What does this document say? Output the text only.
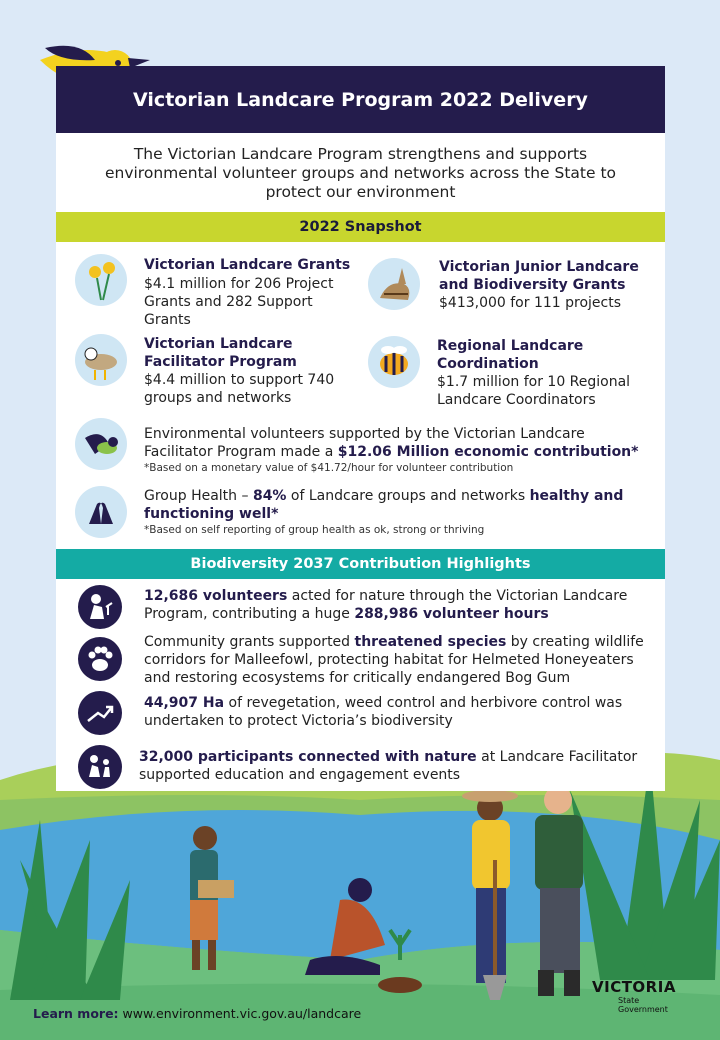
Victorian Landcare Program 2022 Delivery
The Victorian Landcare Program strengthens and supports environmental volunteer groups and networks across the State to protect our environment
2022 Snapshot
Victorian Landcare Grants
$4.1 million for 206 Project Grants and 282 Support Grants
Victorian Junior Landcare and Biodiversity Grants
$413,000 for 111 projects
Victorian Landcare Facilitator Program
$4.4 million to support 740 groups and networks
Regional Landcare Coordination
$1.7 million for 10 Regional Landcare Coordinators
Environmental volunteers supported by the Victorian Landcare Facilitator Program made a $12.06 Million economic contribution*
*Based on a monetary value of $41.72/hour for volunteer contribution
Group Health – 84% of Landcare groups and networks healthy and functioning well*
*Based on self reporting of group health as ok, strong or thriving
Biodiversity 2037 Contribution Highlights
12,686 volunteers acted for nature through the Victorian Landcare Program, contributing a huge 288,986 volunteer hours
Community grants supported threatened species by creating wildlife corridors for Malleefowl, protecting habitat for Helmeted Honeyeaters and restoring ecosystems for critically endangered Bog Gum
44,907 Ha of revegetation, weed control and herbivore control was undertaken to protect Victoria’s biodiversity
32,000 participants connected with nature at Landcare Facilitator supported education and engagement events
Learn more: www.environment.vic.gov.au/landcare
VICTORIA
State
Government
